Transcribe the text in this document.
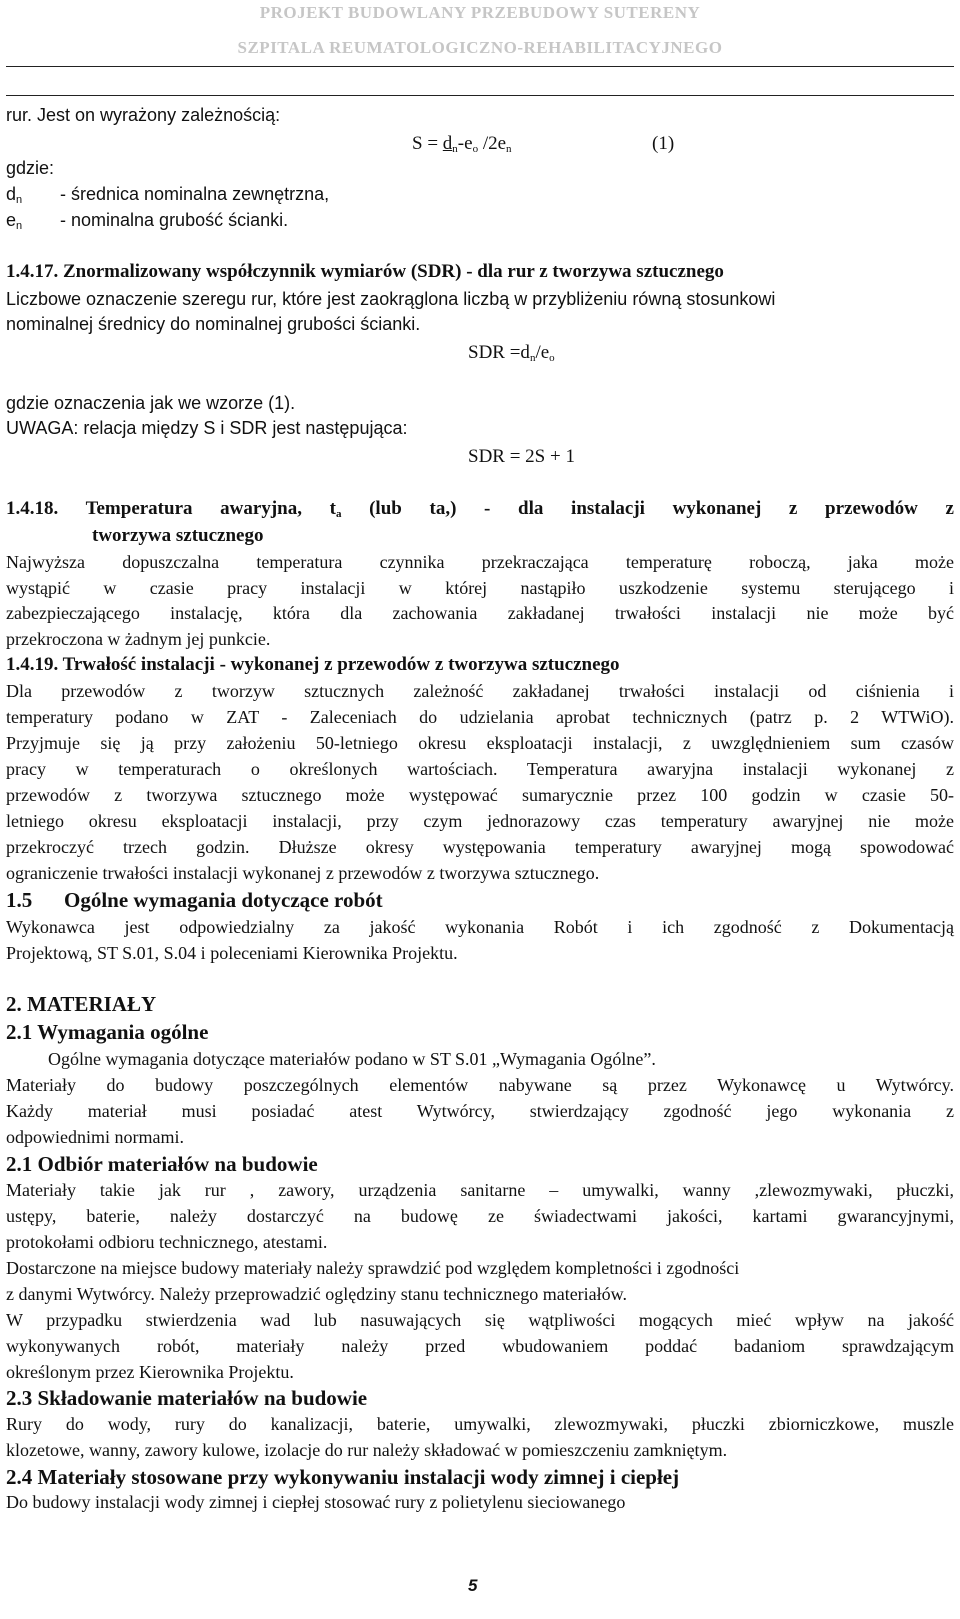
PROJEKT BUDOWLANY PRZEBUDOWY SUTERENY
SZPITALA REUMATOLOGICZNO-REHABILITACYJNEGO
rur. Jest on wyrażony zależnością:
$S = d_n-e_o$ $/2e_n$	(1)
gdzie:
$d_n$ - średnica nominalna zewnętrzna,
$e_n$ - nominalna grubość ścianki.
1.4.17. Znormalizowany współczynnik wymiarów (SDR) - dla rur z tworzywa sztucznego
Liczbowe oznaczenie szeregu rur, które jest zaokrąglona liczbą w przybliżeniu równą stosunkowi
nominalnej średnicy do nominalnej grubości ścianki.
SDR $=d_n/e_o$
gdzie oznaczenia jak we wzorze (1).
UWAGA: relacja między S i SDR jest następująca:
SDR = 2S + 1
1.4.18. Temperatura awaryjna, $t_a$ (lub ta,) - dla instalacji wykonanej z przewodów z
tworzywa sztucznego
Najwyższa dopuszczalna temperatura czynnika przekraczająca temperaturę roboczą, jaka może
wystąpić w czasie pracy instalacji w której nastąpiło uszkodzenie systemu sterującego i
zabezpieczającego instalację, która dla zachowania zakładanej trwałości instalacji nie może być
przekroczona w żadnym jej punkcie.
1.4.19. Trwałość instalacji - wykonanej z przewodów z tworzywa sztucznego
Dla przewodów z tworzyw sztucznych zależność zakładanej trwałości instalacji od ciśnienia i
temperatury podano w ZAT - Zaleceniach do udzielania aprobat technicznych (patrz p. 2 WTWiO).
Przyjmuje się ją przy założeniu 50-letniego okresu eksploatacji instalacji, z uwzględnieniem sum czasów
pracy w temperaturach o określonych wartościach. Temperatura awaryjna instalacji wykonanej z
przewodów z tworzywa sztucznego może występować sumarycznie przez 100 godzin w czasie 50-
letniego okresu eksploatacji instalacji, przy czym jednorazowy czas temperatury awaryjnej nie może
przekroczyć trzech godzin. Dłuższe okresy występowania temperatury awaryjnej mogą spowodować
ograniczenie trwałości instalacji wykonanej z przewodów z tworzywa sztucznego.
1.5 Ogólne wymagania dotyczące robót
Wykonawca jest odpowiedzialny za jakość wykonania Robót i ich zgodność z Dokumentacją
Projektową, ST S.01, S.04 i poleceniami Kierownika Projektu.
2. MATERIAŁY
2.1 Wymagania ogólne
Ogólne wymagania dotyczące materiałów podano w ST S.01 „Wymagania Ogólne”.
Materiały do budowy poszczególnych elementów nabywane są przez Wykonawcę u Wytwórcy.
Każdy materiał musi posiadać atest Wytwórcy, stwierdzający zgodność jego wykonania z
odpowiednimi normami.
2.1 Odbiór materiałów na budowie
Materiały takie jak rur , zawory, urządzenia sanitarne – umywalki, wanny ,zlewozmywaki, płuczki,
ustępy, baterie, należy dostarczyć na budowę ze świadectwami jakości, kartami gwarancyjnymi,
protokołami odbioru technicznego, atestami.
Dostarczone na miejsce budowy materiały należy sprawdzić pod względem kompletności i zgodności
z danymi Wytwórcy. Należy przeprowadzić oględziny stanu technicznego materiałów.
W przypadku stwierdzenia wad lub nasuwających się wątpliwości mogących mieć wpływ na jakość
wykonywanych robót, materiały należy przed wbudowaniem poddać badaniom sprawdzającym
określonym przez Kierownika Projektu.
2.3 Składowanie materiałów na budowie
Rury do wody, rury do kanalizacji, baterie, umywalki, zlewozmywaki, płuczki zbiorniczkowe, muszle
klozetowe, wanny, zawory kulowe, izolacje do rur należy składować w pomieszczeniu zamkniętym.
2.4 Materiały stosowane przy wykonywaniu instalacji wody zimnej i ciepłej
Do budowy instalacji wody zimnej i ciepłej stosować rury z polietylenu sieciowanego
5
